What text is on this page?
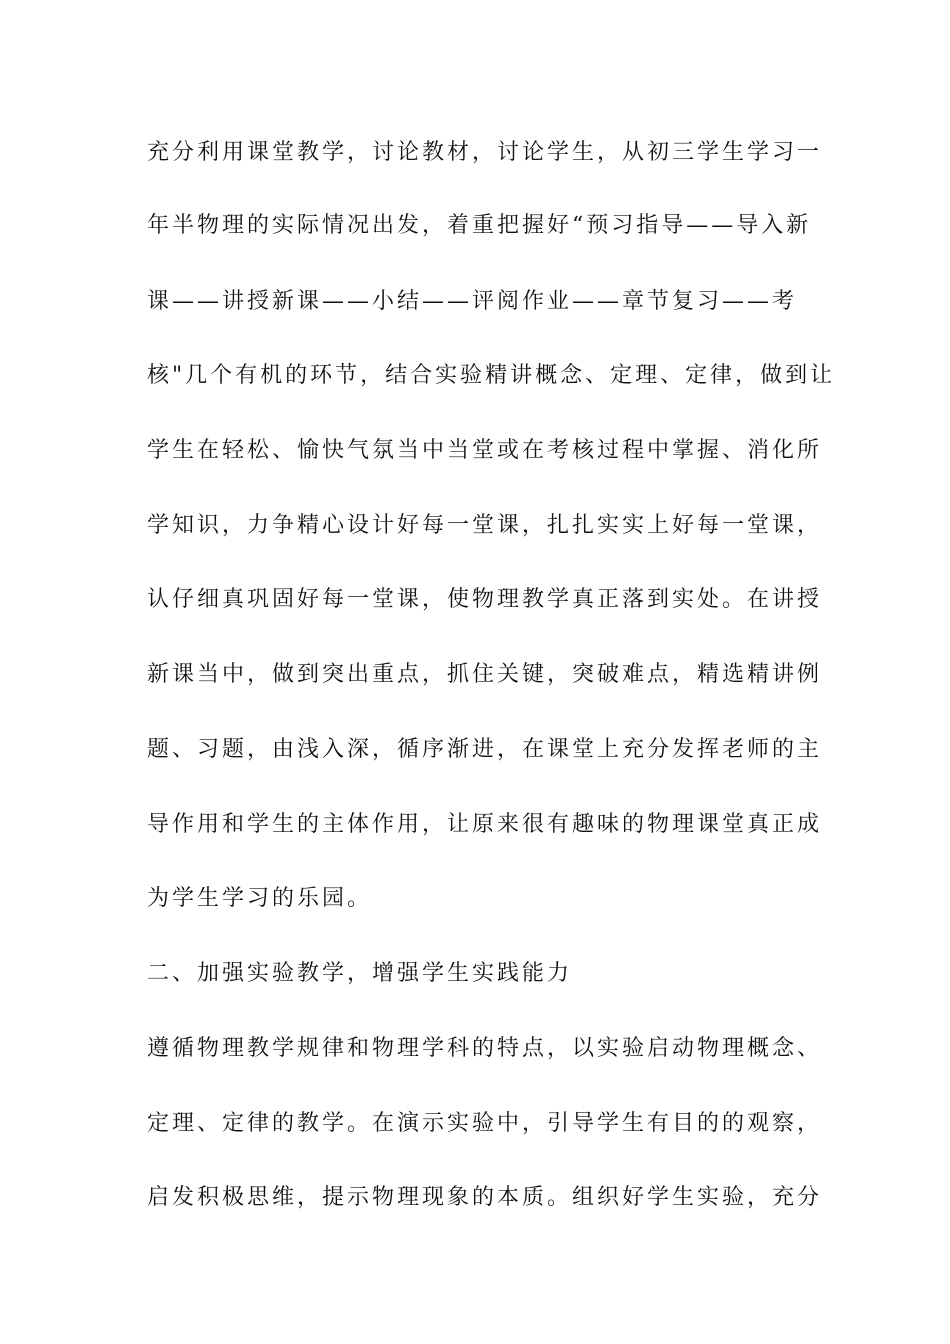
充分利用课堂教学，讨论教材，讨论学生，从初三学生学习一
年半物理的实际情况出发，着重把握好“预习指导——导入新
课——讲授新课——小结——评阅作业——章节复习——考
核"几个有机的环节，结合实验精讲概念、定理、定律，做到让
学生在轻松、愉快气氛当中当堂或在考核过程中掌握、消化所
学知识，力争精心设计好每一堂课，扎扎实实上好每一堂课，
认仔细真巩固好每一堂课，使物理教学真正落到实处。在讲授
新课当中，做到突出重点，抓住关键，突破难点，精选精讲例
题、习题，由浅入深，循序渐进，在课堂上充分发挥老师的主
导作用和学生的主体作用，让原来很有趣味的物理课堂真正成
为学生学习的乐园。
二、加强实验教学，增强学生实践能力
遵循物理教学规律和物理学科的特点，以实验启动物理概念、
定理、定律的教学。在演示实验中，引导学生有目的的观察，
启发积极思维，提示物理现象的本质。组织好学生实验，充分
